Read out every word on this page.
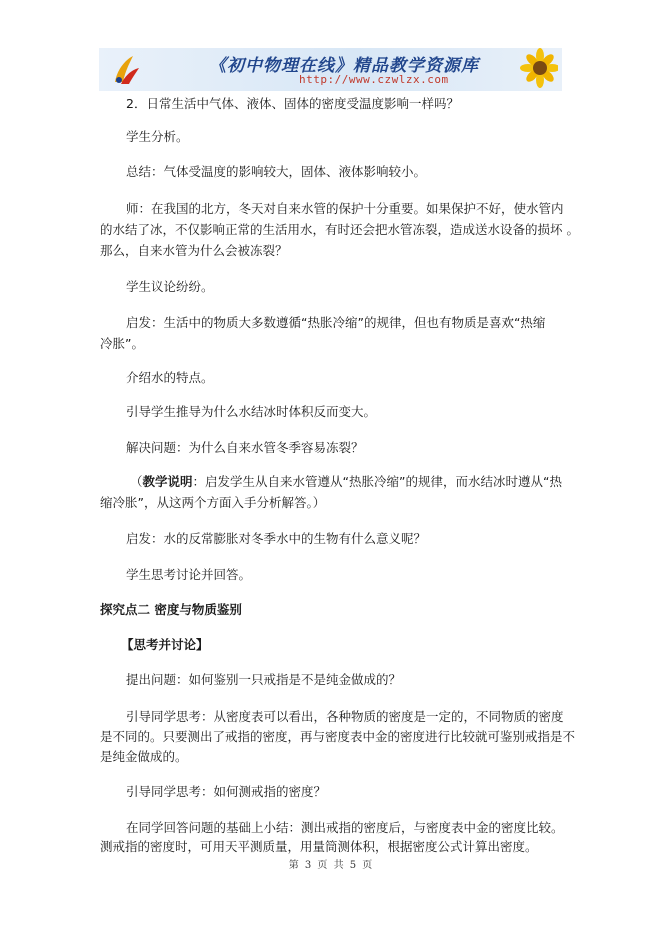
《初中物理在线》精品教学资源库
http://www.czwlzx.com
2．日常生活中气体、液体、固体的密度受温度影响一样吗？
学生分析。
总结：气体受温度的影响较大，固体、液体影响较小。
师：在我国的北方，冬天对自来水管的保护十分重要。如果保护不好，使水管内
的水结了冰，不仅影响正常的生活用水，有时还会把水管冻裂，造成送水设备的损坏 。
那么，自来水管为什么会被冻裂？
学生议论纷纷。
启发：生活中的物质大多数遵循“热胀冷缩”的规律，但也有物质是喜欢“热缩
冷胀”。
介绍水的特点。
引导学生推导为什么水结冰时体积反而变大。
解决问题：为什么自来水管冬季容易冻裂？
（教学说明：启发学生从自来水管遵从“热胀冷缩”的规律，而水结冰时遵从“热
缩冷胀”，从这两个方面入手分析解答。）
启发：水的反常膨胀对冬季水中的生物有什么意义呢？
学生思考讨论并回答。
探究点二 密度与物质鉴别
【思考并讨论】
提出问题：如何鉴别一只戒指是不是纯金做成的？
引导同学思考：从密度表可以看出，各种物质的密度是一定的，不同物质的密度
是不同的。只要测出了戒指的密度，再与密度表中金的密度进行比较就可鉴别戒指是不
是纯金做成的。
引导同学思考：如何测戒指的密度？
在同学回答问题的基础上小结：测出戒指的密度后，与密度表中金的密度比较。
测戒指的密度时，可用天平测质量，用量筒测体积，根据密度公式计算出密度。
第 3 页 共 5 页
